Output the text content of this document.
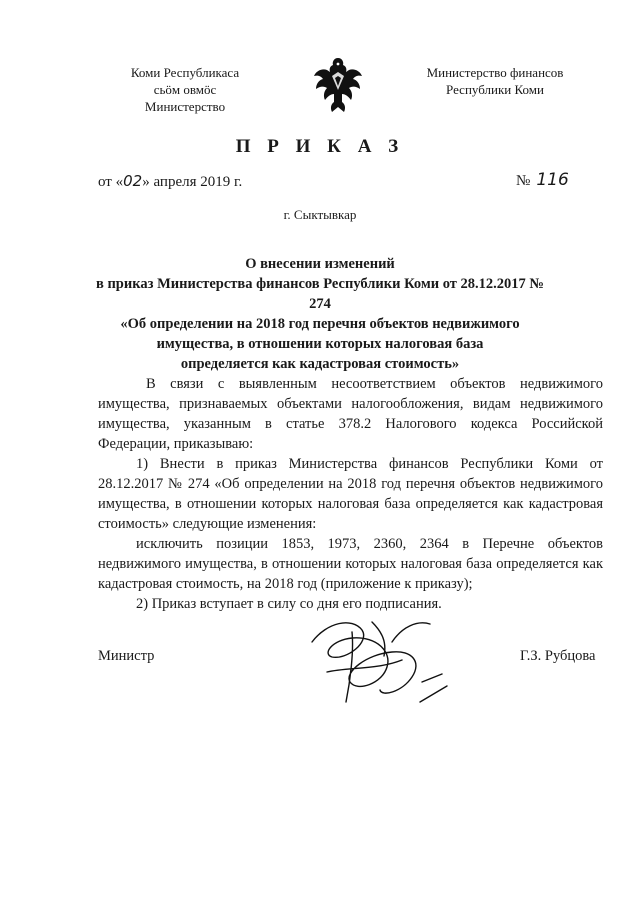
Коми Республикаса
сьӧм овмӧс
Министерство
Министерство финансов
Республики Коми
П Р И К А З
от «02» апреля 2019 г.	№ 116
г. Сыктывкар
О внесении изменений
в приказ Министерства финансов Республики Коми от 28.12.2017 № 274
«Об определении на 2018 год перечня объектов недвижимого
имущества, в отношении которых налоговая база
определяется как кадастровая стоимость»

В связи с выявленным несоответствием объектов недвижимого имущества, признаваемых объектами налогообложения, видам недвижимого имущества, указанным в статье 378.2 Налогового кодекса Российской Федерации, приказываю:

1) Внести в приказ Министерства финансов Республики Коми от 28.12.2017 № 274 «Об определении на 2018 год перечня объектов недвижимого имущества, в отношении которых налоговая база определяется как кадастровая стоимость» следующие изменения:

исключить позиции 1853, 1973, 2360, 2364 в Перечне объектов недвижимого имущества, в отношении которых налоговая база определяется как кадастровая стоимость, на 2018 год (приложение к приказу);

2) Приказ вступает в силу со дня его подписания.

Министр	Г.З. Рубцова
